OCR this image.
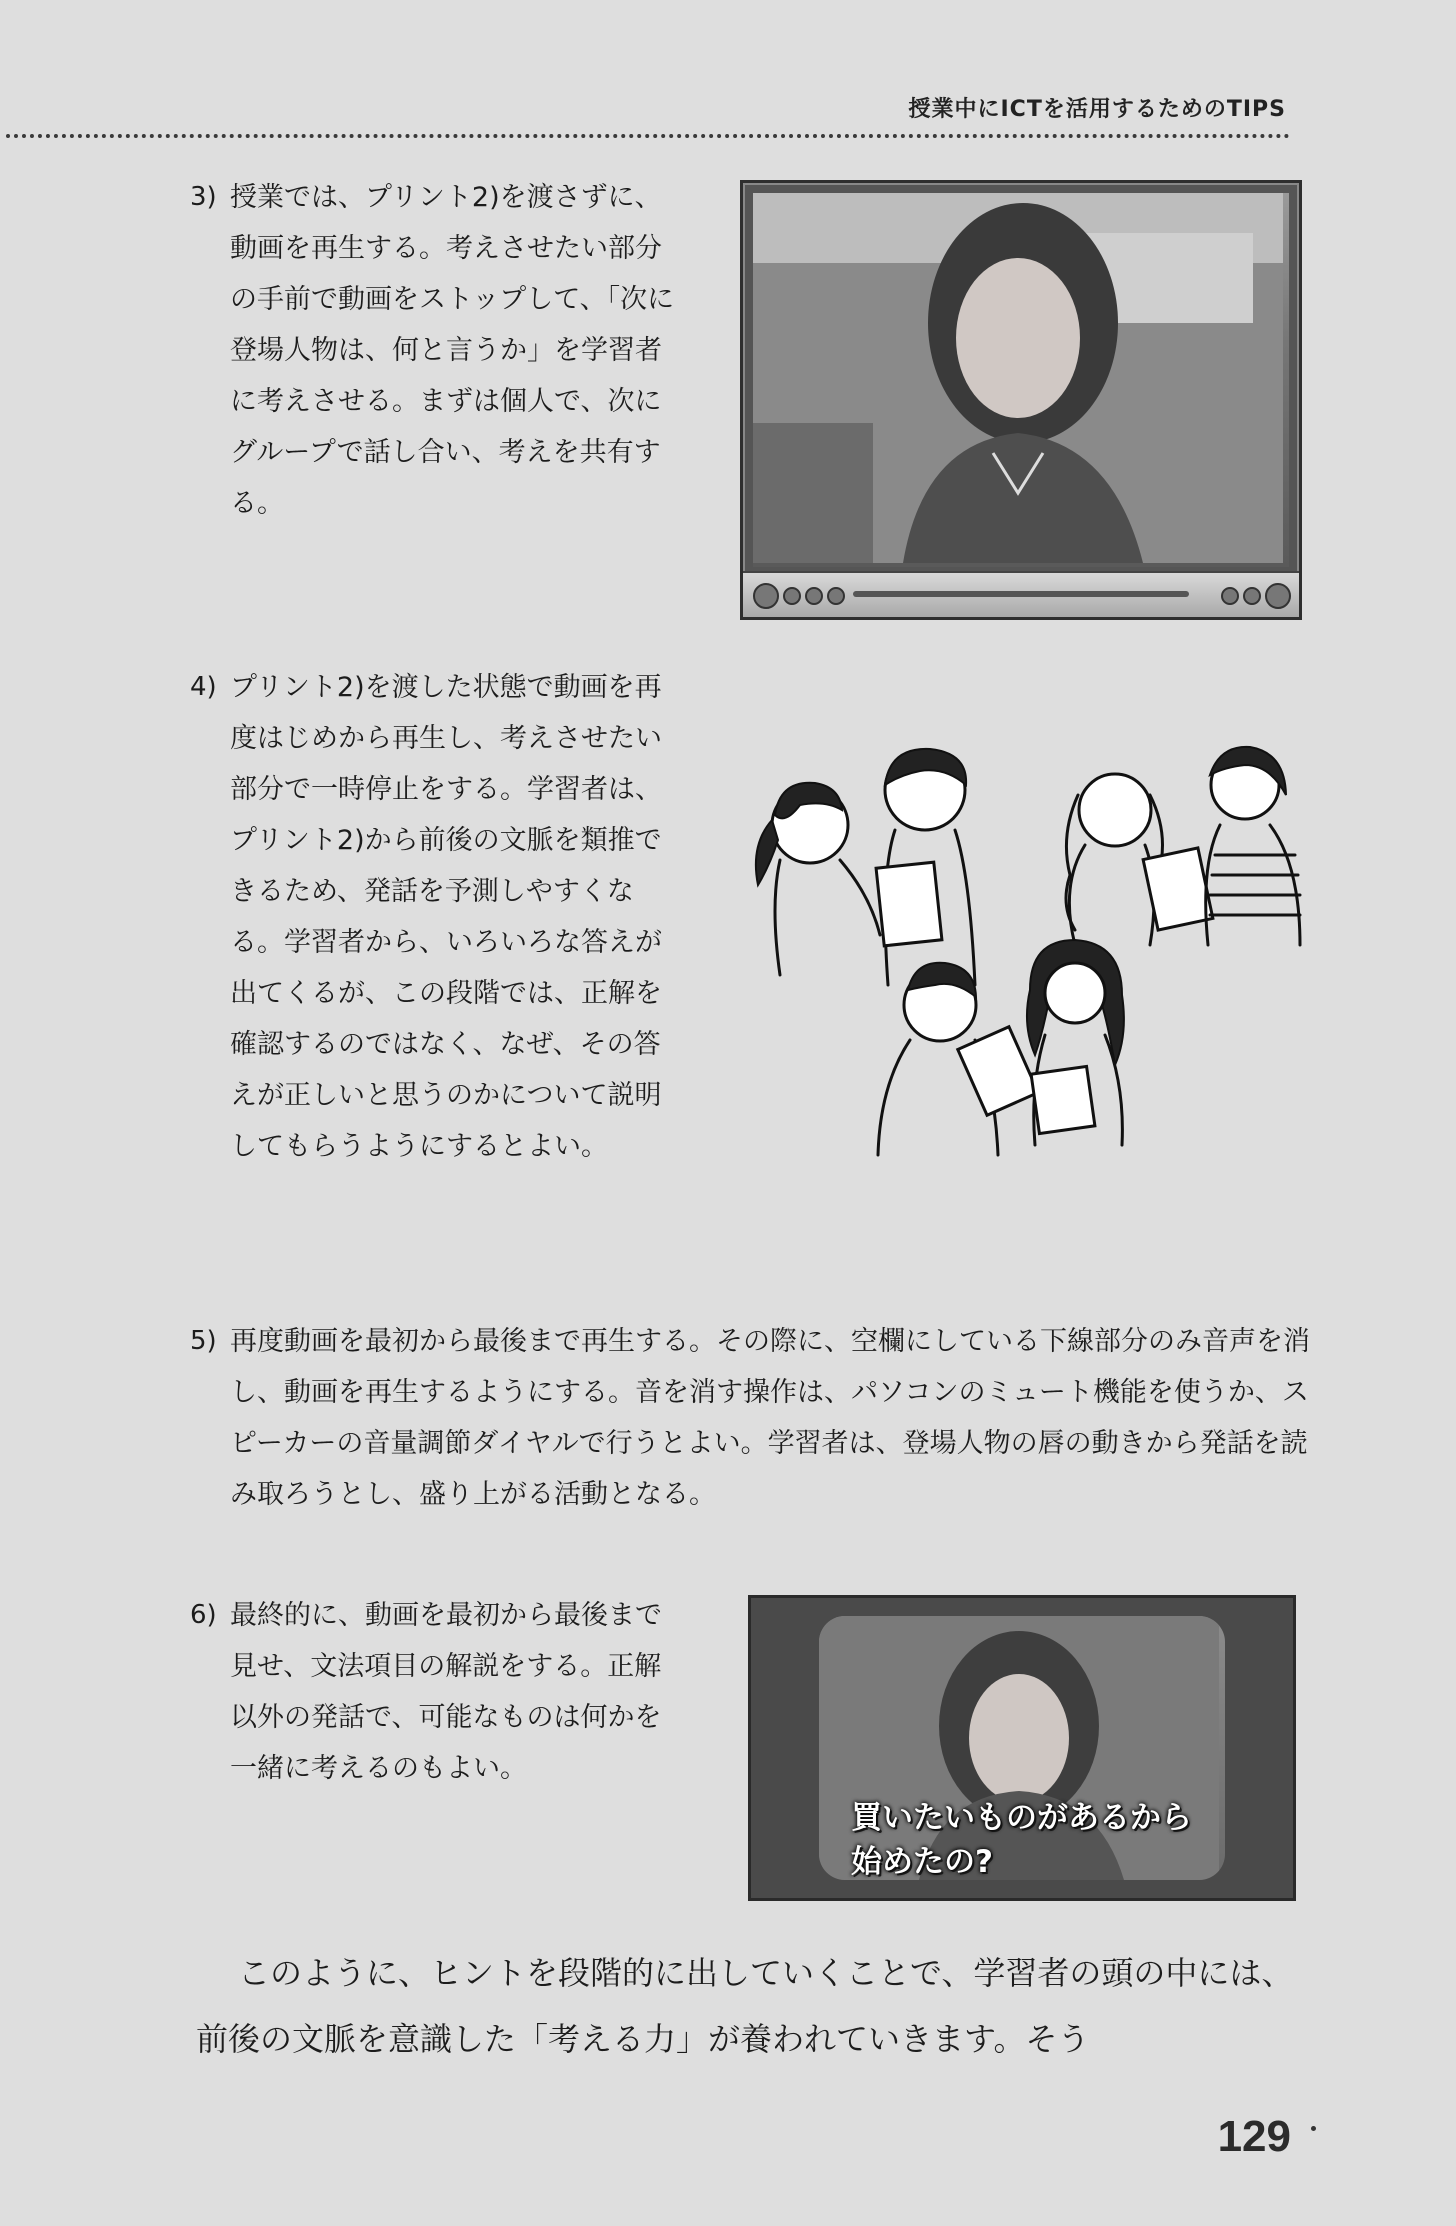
授業中にICTを活用するためのTIPS
3) 授業では、プリント2)を渡さずに、動画を再生する。考えさせたい部分の手前で動画をストップして、「次に登場人物は、何と言うか」を学習者に考えさせる。まずは個人で、次にグループで話し合い、考えを共有する。

4) プリント2)を渡した状態で動画を再度はじめから再生し、考えさせたい部分で一時停止をする。学習者は、プリント2)から前後の文脈を類推できるため、発話を予測しやすくなる。学習者から、いろいろな答えが出てくるが、この段階では、正解を確認するのではなく、なぜ、その答えが正しいと思うのかについて説明してもらうようにするとよい。

5) 再度動画を最初から最後まで再生する。その際に、空欄にしている下線部分のみ音声を消し、動画を再生するようにする。音を消す操作は、パソコンのミュート機能を使うか、スピーカーの音量調節ダイヤルで行うとよい。学習者は、登場人物の唇の動きから発話を読み取ろうとし、盛り上がる活動となる。

6) 最終的に、動画を最初から最後まで見せ、文法項目の解説をする。正解以外の発話で、可能なものは何かを一緒に考えるのもよい。

買いたいものがあるから
始めたの?

このように、ヒントを段階的に出していくことで、学習者の頭の中には、前後の文脈を意識した「考える力」が養われていきます。そう

129
